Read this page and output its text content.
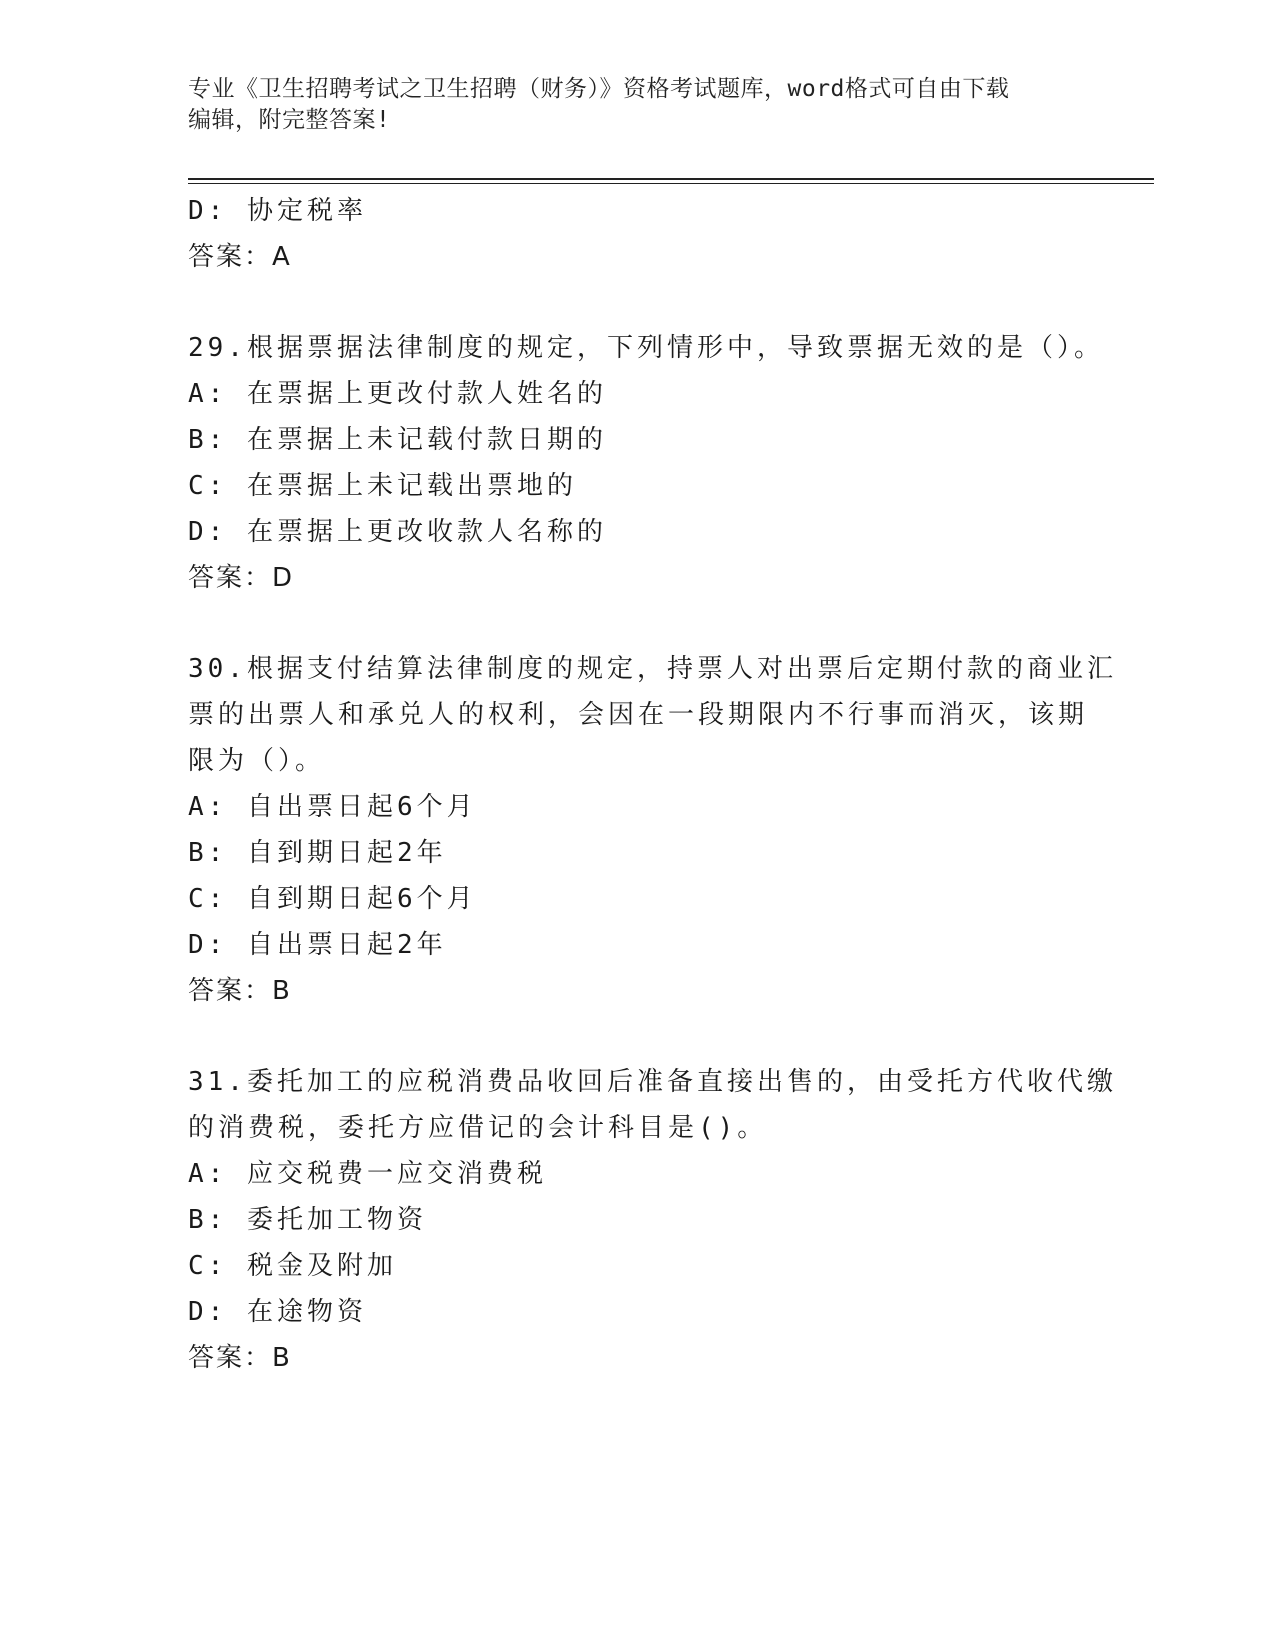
专业《卫生招聘考试之卫生招聘（财务）》资格考试题库，word格式可自由下载
编辑，附完整答案!
D: 协定税率
答案：A
29.根据票据法律制度的规定，下列情形中，导致票据无效的是（）。
A: 在票据上更改付款人姓名的
B: 在票据上未记载付款日期的
C: 在票据上未记载出票地的
D: 在票据上更改收款人名称的
答案：D
30.根据支付结算法律制度的规定，持票人对出票后定期付款的商业汇
票的出票人和承兑人的权利，会因在一段期限内不行事而消灭，该期
限为（）。
A: 自出票日起6个月
B: 自到期日起2年
C: 自到期日起6个月
D: 自出票日起2年
答案：B
31.委托加工的应税消费品收回后准备直接出售的，由受托方代收代缴
的消费税，委托方应借记的会计科目是()。
A: 应交税费一应交消费税
B: 委托加工物资
C: 税金及附加
D: 在途物资
答案：B
